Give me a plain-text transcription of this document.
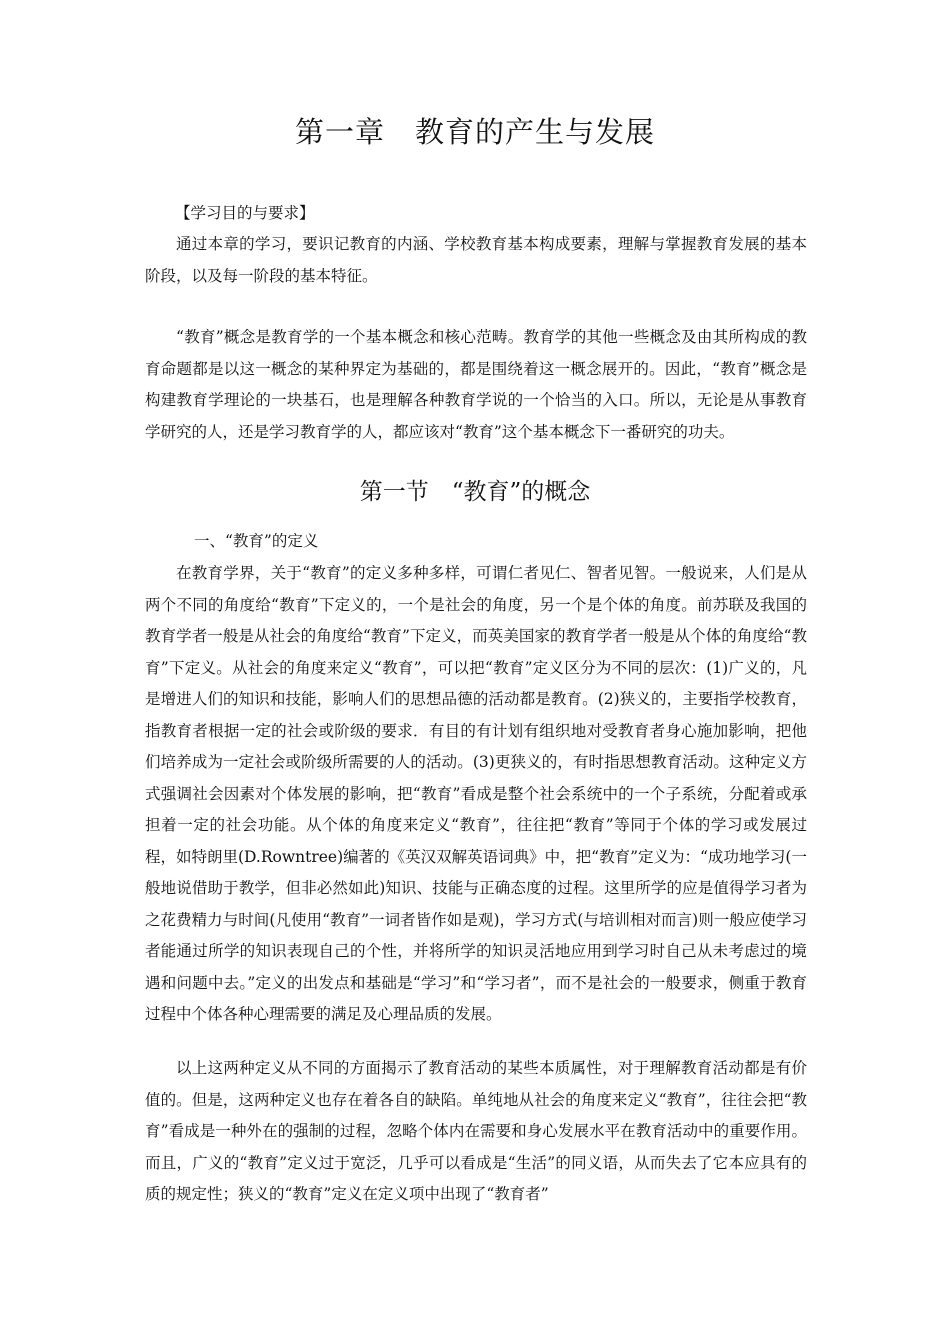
第一章　教育的产生与发展

【学习目的与要求】

通过本章的学习，要识记教育的内涵、学校教育基本构成要素，理解与掌握教育发展的基本阶段，以及每一阶段的基本特征。

“教育”概念是教育学的一个基本概念和核心范畴。教育学的其他一些概念及由其所构成的教育命题都是以这一概念的某种界定为基础的，都是围绕着这一概念展开的。因此，“教育”概念是构建教育学理论的一块基石，也是理解各种教育学说的一个恰当的入口。所以，无论是从事教育学研究的人，还是学习教育学的人，都应该对“教育”这个基本概念下一番研究的功夫。

第一节　“教育”的概念

一、“教育”的定义

在教育学界，关于“教育”的定义多种多样，可谓仁者见仁、智者见智。一般说来，人们是从两个不同的角度给“教育”下定义的，一个是社会的角度，另一个是个体的角度。前苏联及我国的教育学者一般是从社会的角度给“教育”下定义，而英美国家的教育学者一般是从个体的角度给“教育”下定义。从社会的角度来定义“教育”，可以把“教育”定义区分为不同的层次：(1)广义的，凡是增进人们的知识和技能，影响人们的思想品德的活动都是教育。(2)狭义的，主要指学校教育，指教育者根据一定的社会或阶级的要求．有目的有计划有组织地对受教育者身心施加影响，把他们培养成为一定社会或阶级所需要的人的活动。(3)更狭义的，有时指思想教育活动。这种定义方式强调社会因素对个体发展的影响，把“教育”看成是整个社会系统中的一个子系统，分配着或承担着一定的社会功能。从个体的角度来定义“教育”，往往把“教育”等同于个体的学习或发展过程，如特朗里(D.Rowntree)编著的《英汉双解英语词典》中，把“教育”定义为：“成功地学习(一般地说借助于教学，但非必然如此)知识、技能与正确态度的过程。这里所学的应是值得学习者为之花费精力与时间(凡使用“教育”一词者皆作如是观)，学习方式(与培训相对而言)则一般应使学习者能通过所学的知识表现自己的个性，并将所学的知识灵活地应用到学习时自己从未考虑过的境遇和问题中去。”定义的出发点和基础是“学习”和“学习者”，而不是社会的一般要求，侧重于教育过程中个体各种心理需要的满足及心理品质的发展。

以上这两种定义从不同的方面揭示了教育活动的某些本质属性，对于理解教育活动都是有价值的。但是，这两种定义也存在着各自的缺陷。单纯地从社会的角度来定义“教育”，往往会把“教育”看成是一种外在的强制的过程，忽略个体内在需要和身心发展水平在教育活动中的重要作用。而且，广义的“教育”定义过于宽泛，几乎可以看成是“生活”的同义语，从而失去了它本应具有的质的规定性；狭义的“教育”定义在定义项中出现了“教育者”
